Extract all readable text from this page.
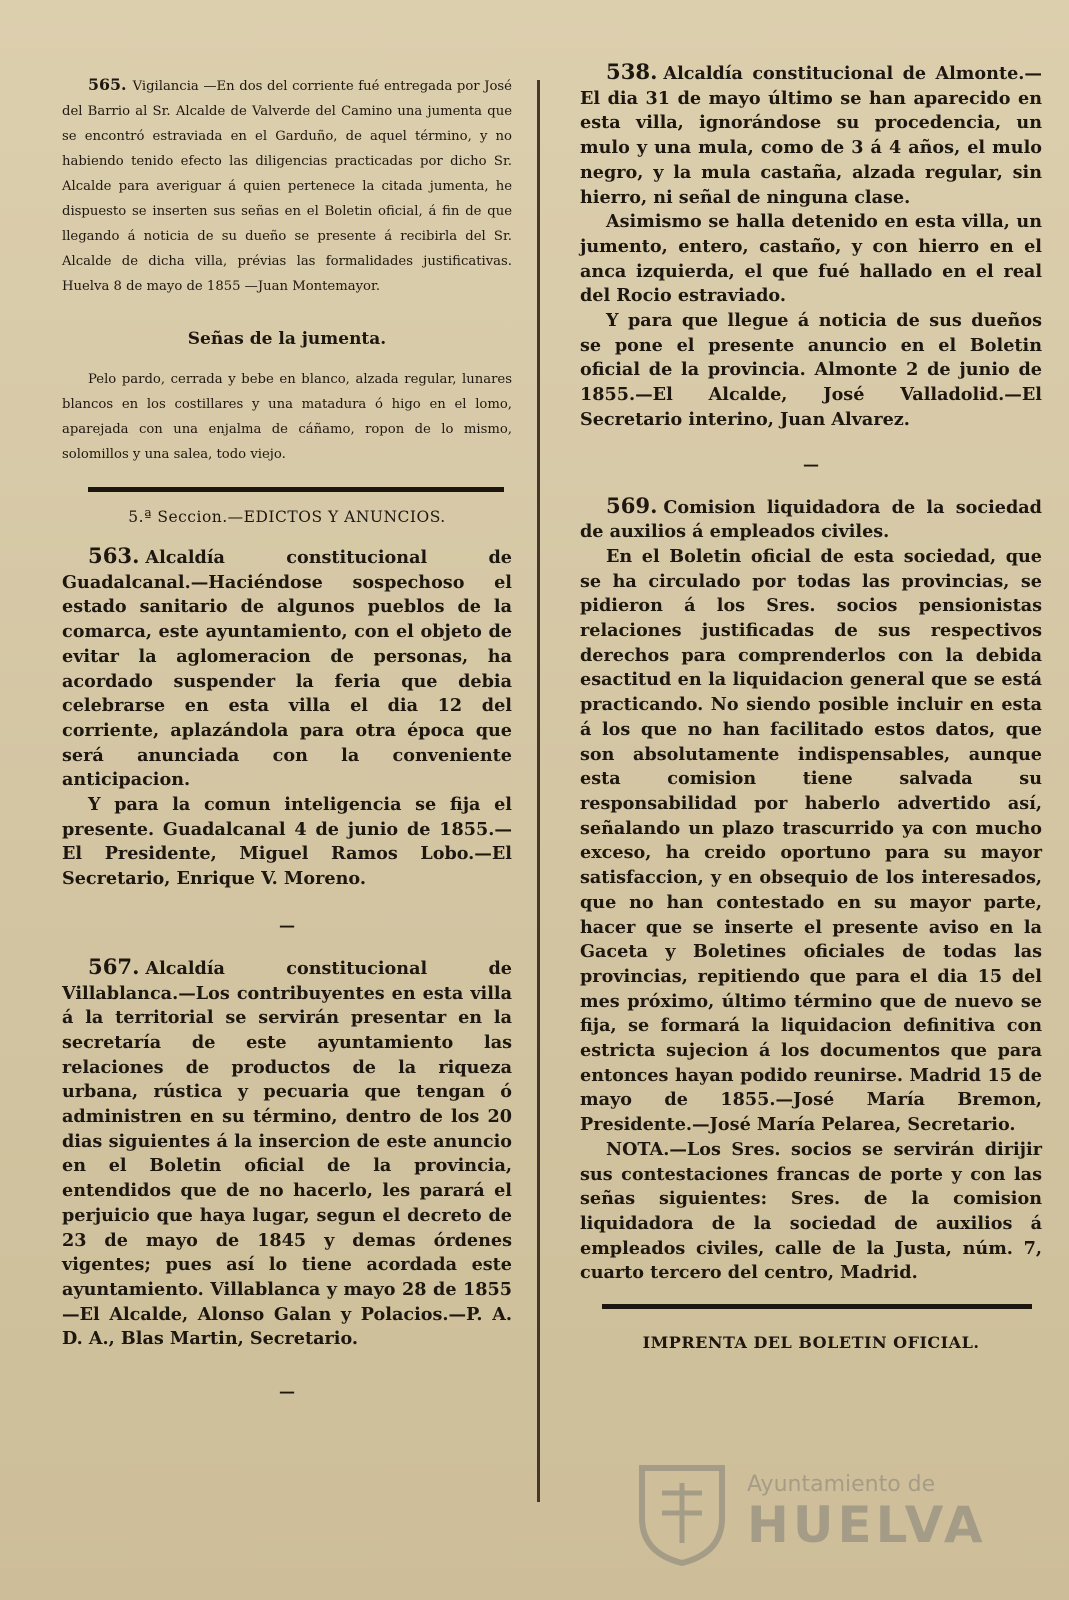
565. Vigilancia —En dos del corriente fué entregada por José del Barrio al Sr. Alcalde de Valverde del Camino una jumenta que se encontró estraviada en el Garduño, de aquel término, y no habiendo tenido efecto las diligencias practicadas por dicho Sr. Alcalde para averiguar á quien pertenece la citada jumenta, he dispuesto se inserten sus señas en el Boletin oficial, á fin de que llegando á noticia de su dueño se presente á recibirla del Sr. Alcalde de dicha villa, prévias las formalidades justificativas. Huelva 8 de mayo de 1855 —Juan Montemayor.

Señas de la jumenta.

Pelo pardo, cerrada y bebe en blanco, alzada regular, lunares blancos en los costillares y una matadura ó higo en el lomo, aparejada con una enjalma de cáñamo, ropon de lo mismo, solomillos y una salea, todo viejo.

5.ª Seccion.—EDICTOS Y ANUNCIOS.

563. Alcaldía constitucional de Guadalcanal.—Haciéndose sospechoso el estado sanitario de algunos pueblos de la comarca, este ayuntamiento, con el objeto de evitar la aglomeracion de personas, ha acordado suspender la feria que debia celebrarse en esta villa el dia 12 del corriente, aplazándola para otra época que será anunciada con la conveniente anticipacion.

Y para la comun inteligencia se fija el presente. Guadalcanal 4 de junio de 1855.—El Presidente, Miguel Ramos Lobo.—El Secretario, Enrique V. Moreno.

—

567. Alcaldía constitucional de Villablanca.—Los contribuyentes en esta villa á la territorial se servirán presentar en la secretaría de este ayuntamiento las relaciones de productos de la riqueza urbana, rústica y pecuaria que tengan ó administren en su término, dentro de los 20 dias siguientes á la insercion de este anuncio en el Boletin oficial de la provincia, entendidos que de no hacerlo, les parará el perjuicio que haya lugar, segun el decreto de 23 de mayo de 1845 y demas órdenes vigentes; pues así lo tiene acordada este ayuntamiento. Villablanca y mayo 28 de 1855 —El Alcalde, Alonso Galan y Polacios.—P. A. D. A., Blas Martin, Secretario.

—

538. Alcaldía constitucional de Almonte.—El dia 31 de mayo último se han aparecido en esta villa, ignorándose su procedencia, un mulo y una mula, como de 3 á 4 años, el mulo negro, y la mula castaña, alzada regular, sin hierro, ni señal de ninguna clase.

Asimismo se halla detenido en esta villa, un jumento, entero, castaño, y con hierro en el anca izquierda, el que fué hallado en el real del Rocio estraviado.

Y para que llegue á noticia de sus dueños se pone el presente anuncio en el Boletin oficial de la provincia. Almonte 2 de junio de 1855.—El Alcalde, José Valladolid.—El Secretario interino, Juan Alvarez.

—

569. Comision liquidadora de la sociedad de auxilios á empleados civiles.

En el Boletin oficial de esta sociedad, que se ha circulado por todas las provincias, se pidieron á los Sres. socios pensionistas relaciones justificadas de sus respectivos derechos para comprenderlos con la debida esactitud en la liquidacion general que se está practicando. No siendo posible incluir en esta á los que no han facilitado estos datos, que son absolutamente indispensables, aunque esta comision tiene salvada su responsabilidad por haberlo advertido así, señalando un plazo trascurrido ya con mucho exceso, ha creido oportuno para su mayor satisfaccion, y en obsequio de los interesados, que no han contestado en su mayor parte, hacer que se inserte el presente aviso en la Gaceta y Boletines oficiales de todas las provincias, repitiendo que para el dia 15 del mes próximo, último término que de nuevo se fija, se formará la liquidacion definitiva con estricta sujecion á los documentos que para entonces hayan podido reunirse. Madrid 15 de mayo de 1855.—José María Bremon, Presidente.—José María Pelarea, Secretario.

NOTA.—Los Sres. socios se servirán dirijir sus contestaciones francas de porte y con las señas siguientes: Sres. de la comision liquidadora de la sociedad de auxilios á empleados civiles, calle de la Justa, núm. 7, cuarto tercero del centro, Madrid.

IMPRENTA DEL BOLETIN OFICIAL.
Ayuntamiento de
HUELVA
